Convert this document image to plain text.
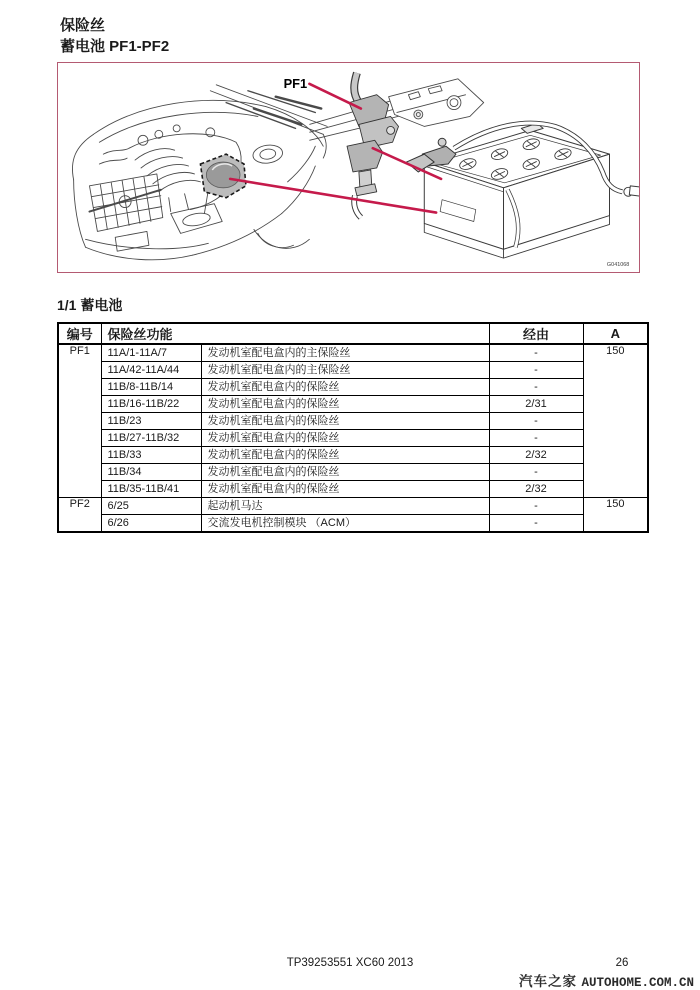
保险丝
蓄电池 PF1-PF2
PF1
G041068
1/1 蓄电池
编号	保险丝功能		经由	A
PF1	11A/1-11A/7	发动机室配电盒内的主保险丝	-	150
	11A/42-11A/44	发动机室配电盒内的主保险丝	-	
	11B/8-11B/14	发动机室配电盒内的保险丝	-	
	11B/16-11B/22	发动机室配电盒内的保险丝	2/31	
	11B/23	发动机室配电盒内的保险丝	-	
	11B/27-11B/32	发动机室配电盒内的保险丝	-	
	11B/33	发动机室配电盒内的保险丝	2/32	
	11B/34	发动机室配电盒内的保险丝	-	
	11B/35-11B/41	发动机室配电盒内的保险丝	2/32	
PF2	6/25	起动机马达	-	150
	6/26	交流发电机控制模块 （ACM）	-	
TP39253551 XC60 2013	26
汽车之家 AUTOHOME.COM.CN
